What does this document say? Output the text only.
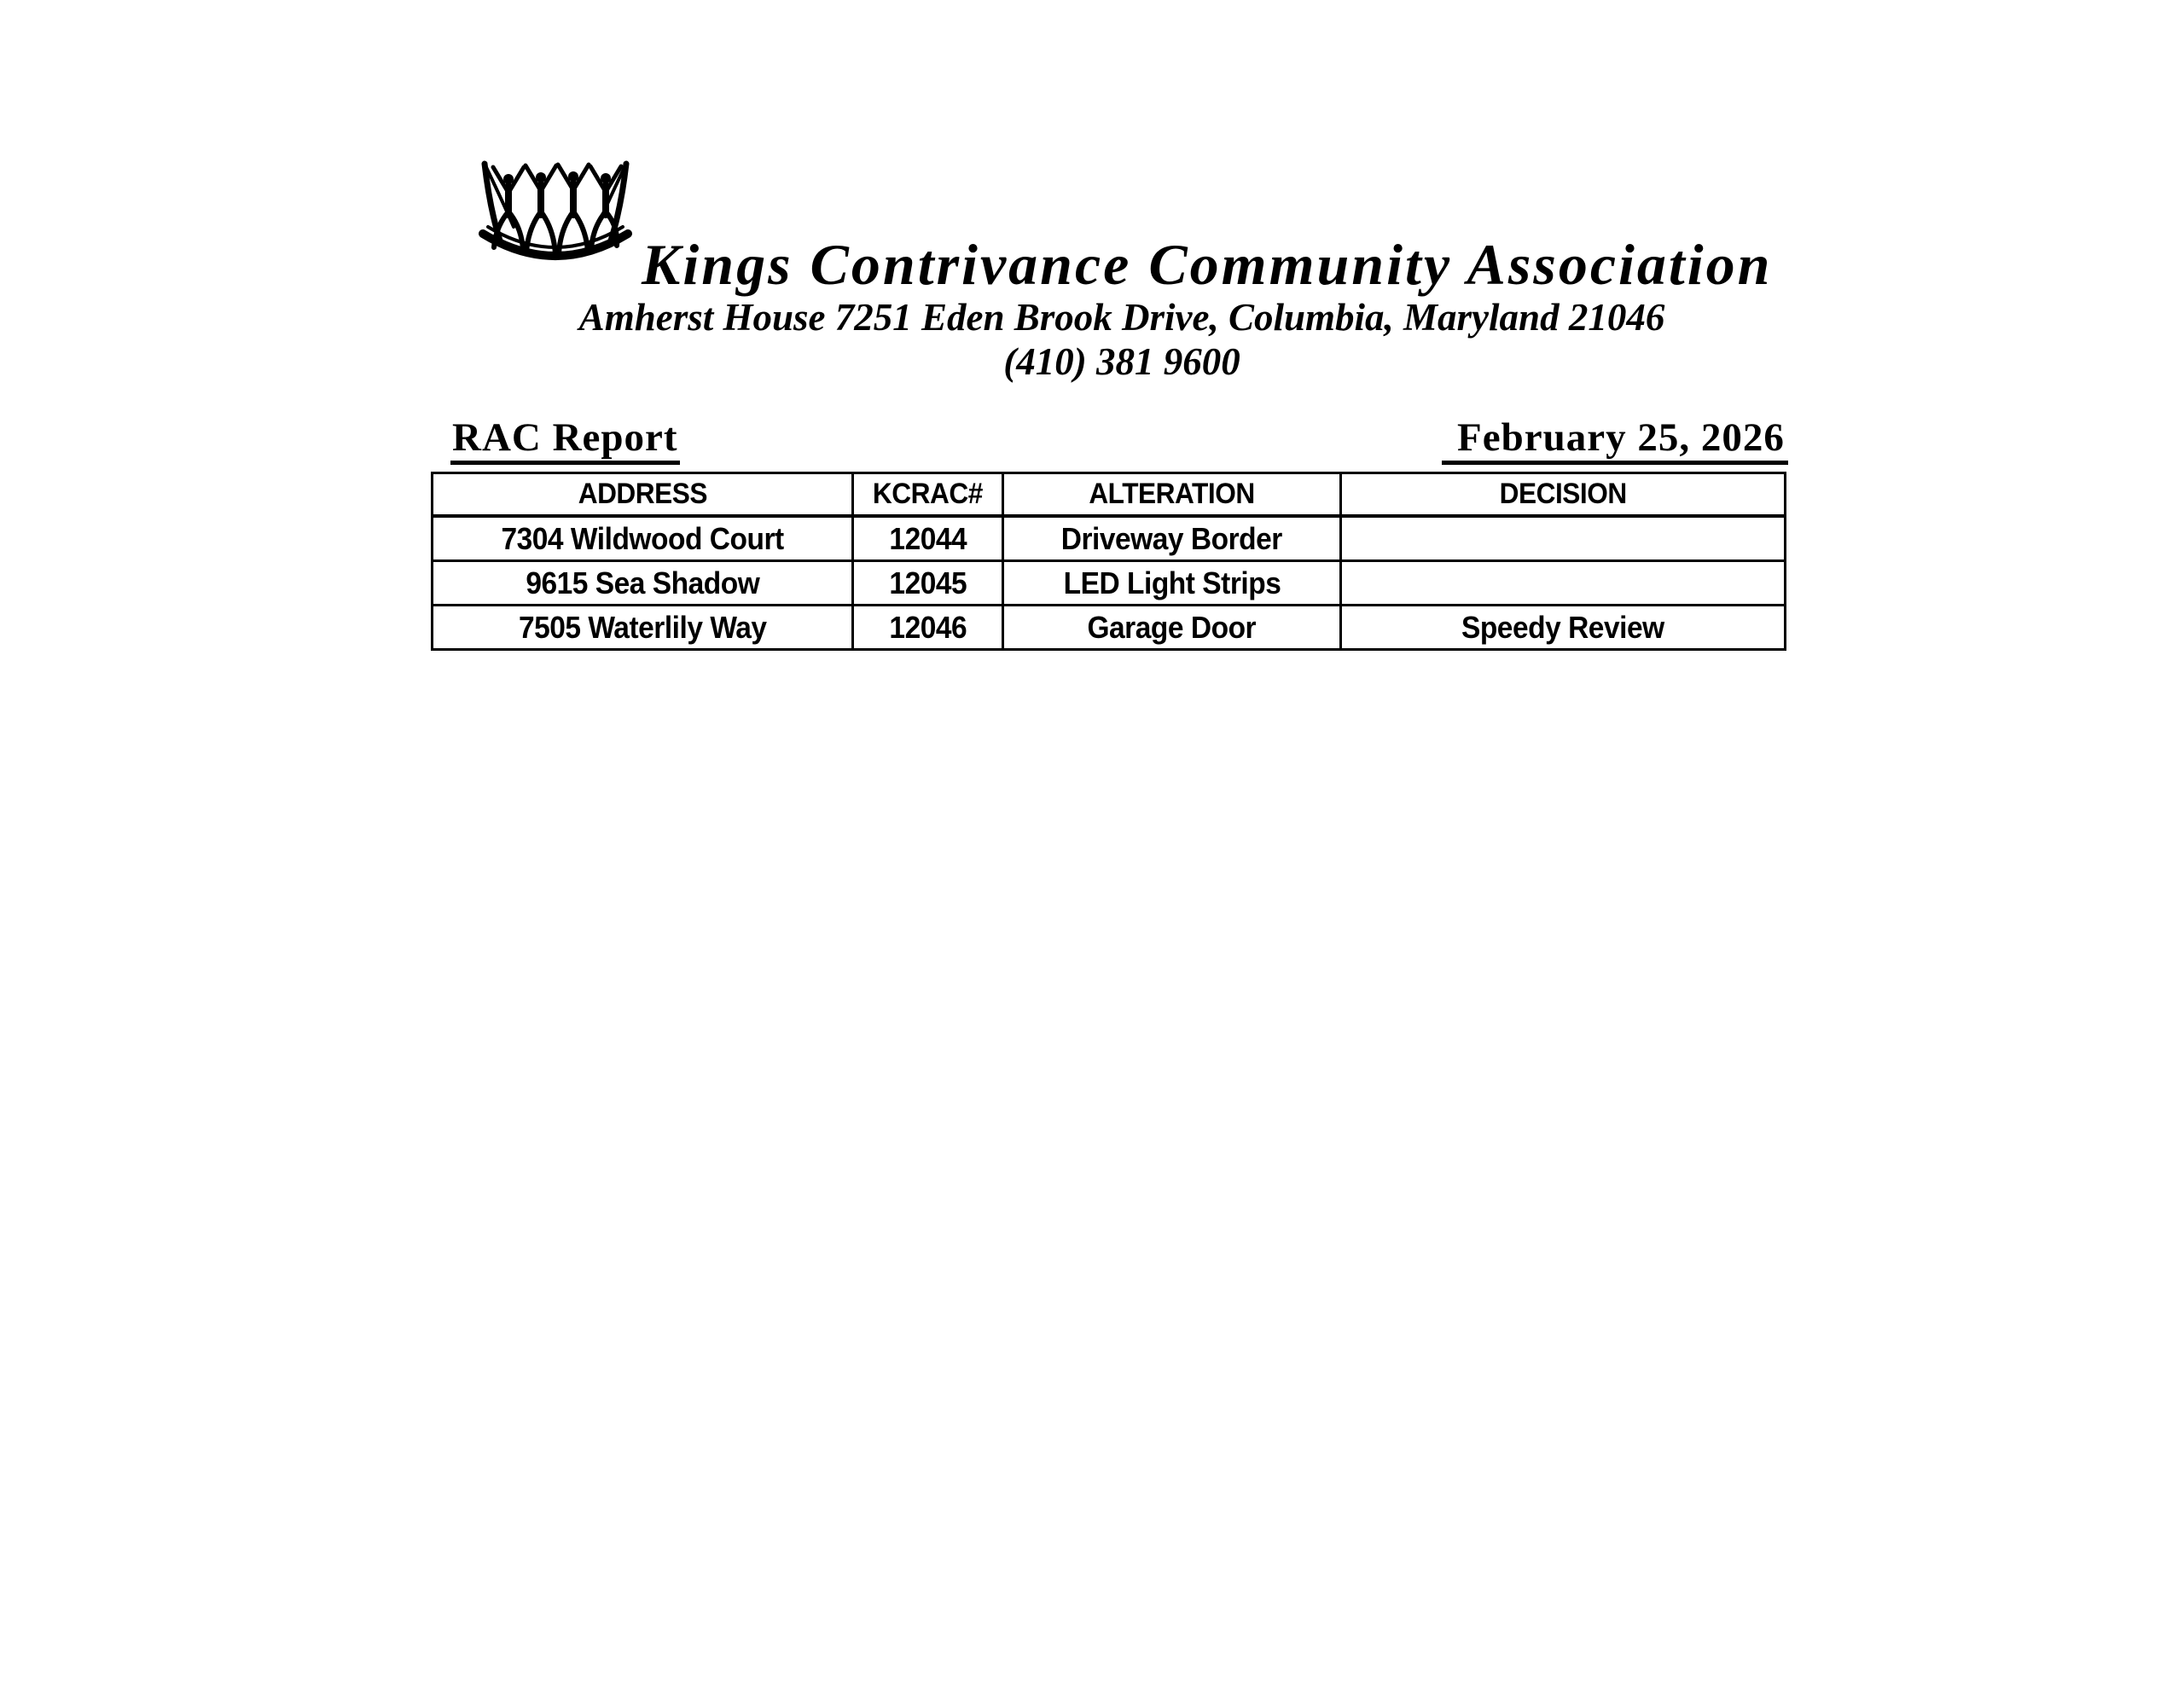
Kings Contrivance Community Association
Amherst House 7251 Eden Brook Drive, Columbia, Maryland 21046
(410) 381 9600
RAC Report	February 25, 2026
ADDRESS	KCRAC#	ALTERATION	DECISION
7304 Wildwood Court	12044	Driveway Border	
9615 Sea Shadow	12045	LED Light Strips	
7505 Waterlily Way	12046	Garage Door	Speedy Review
